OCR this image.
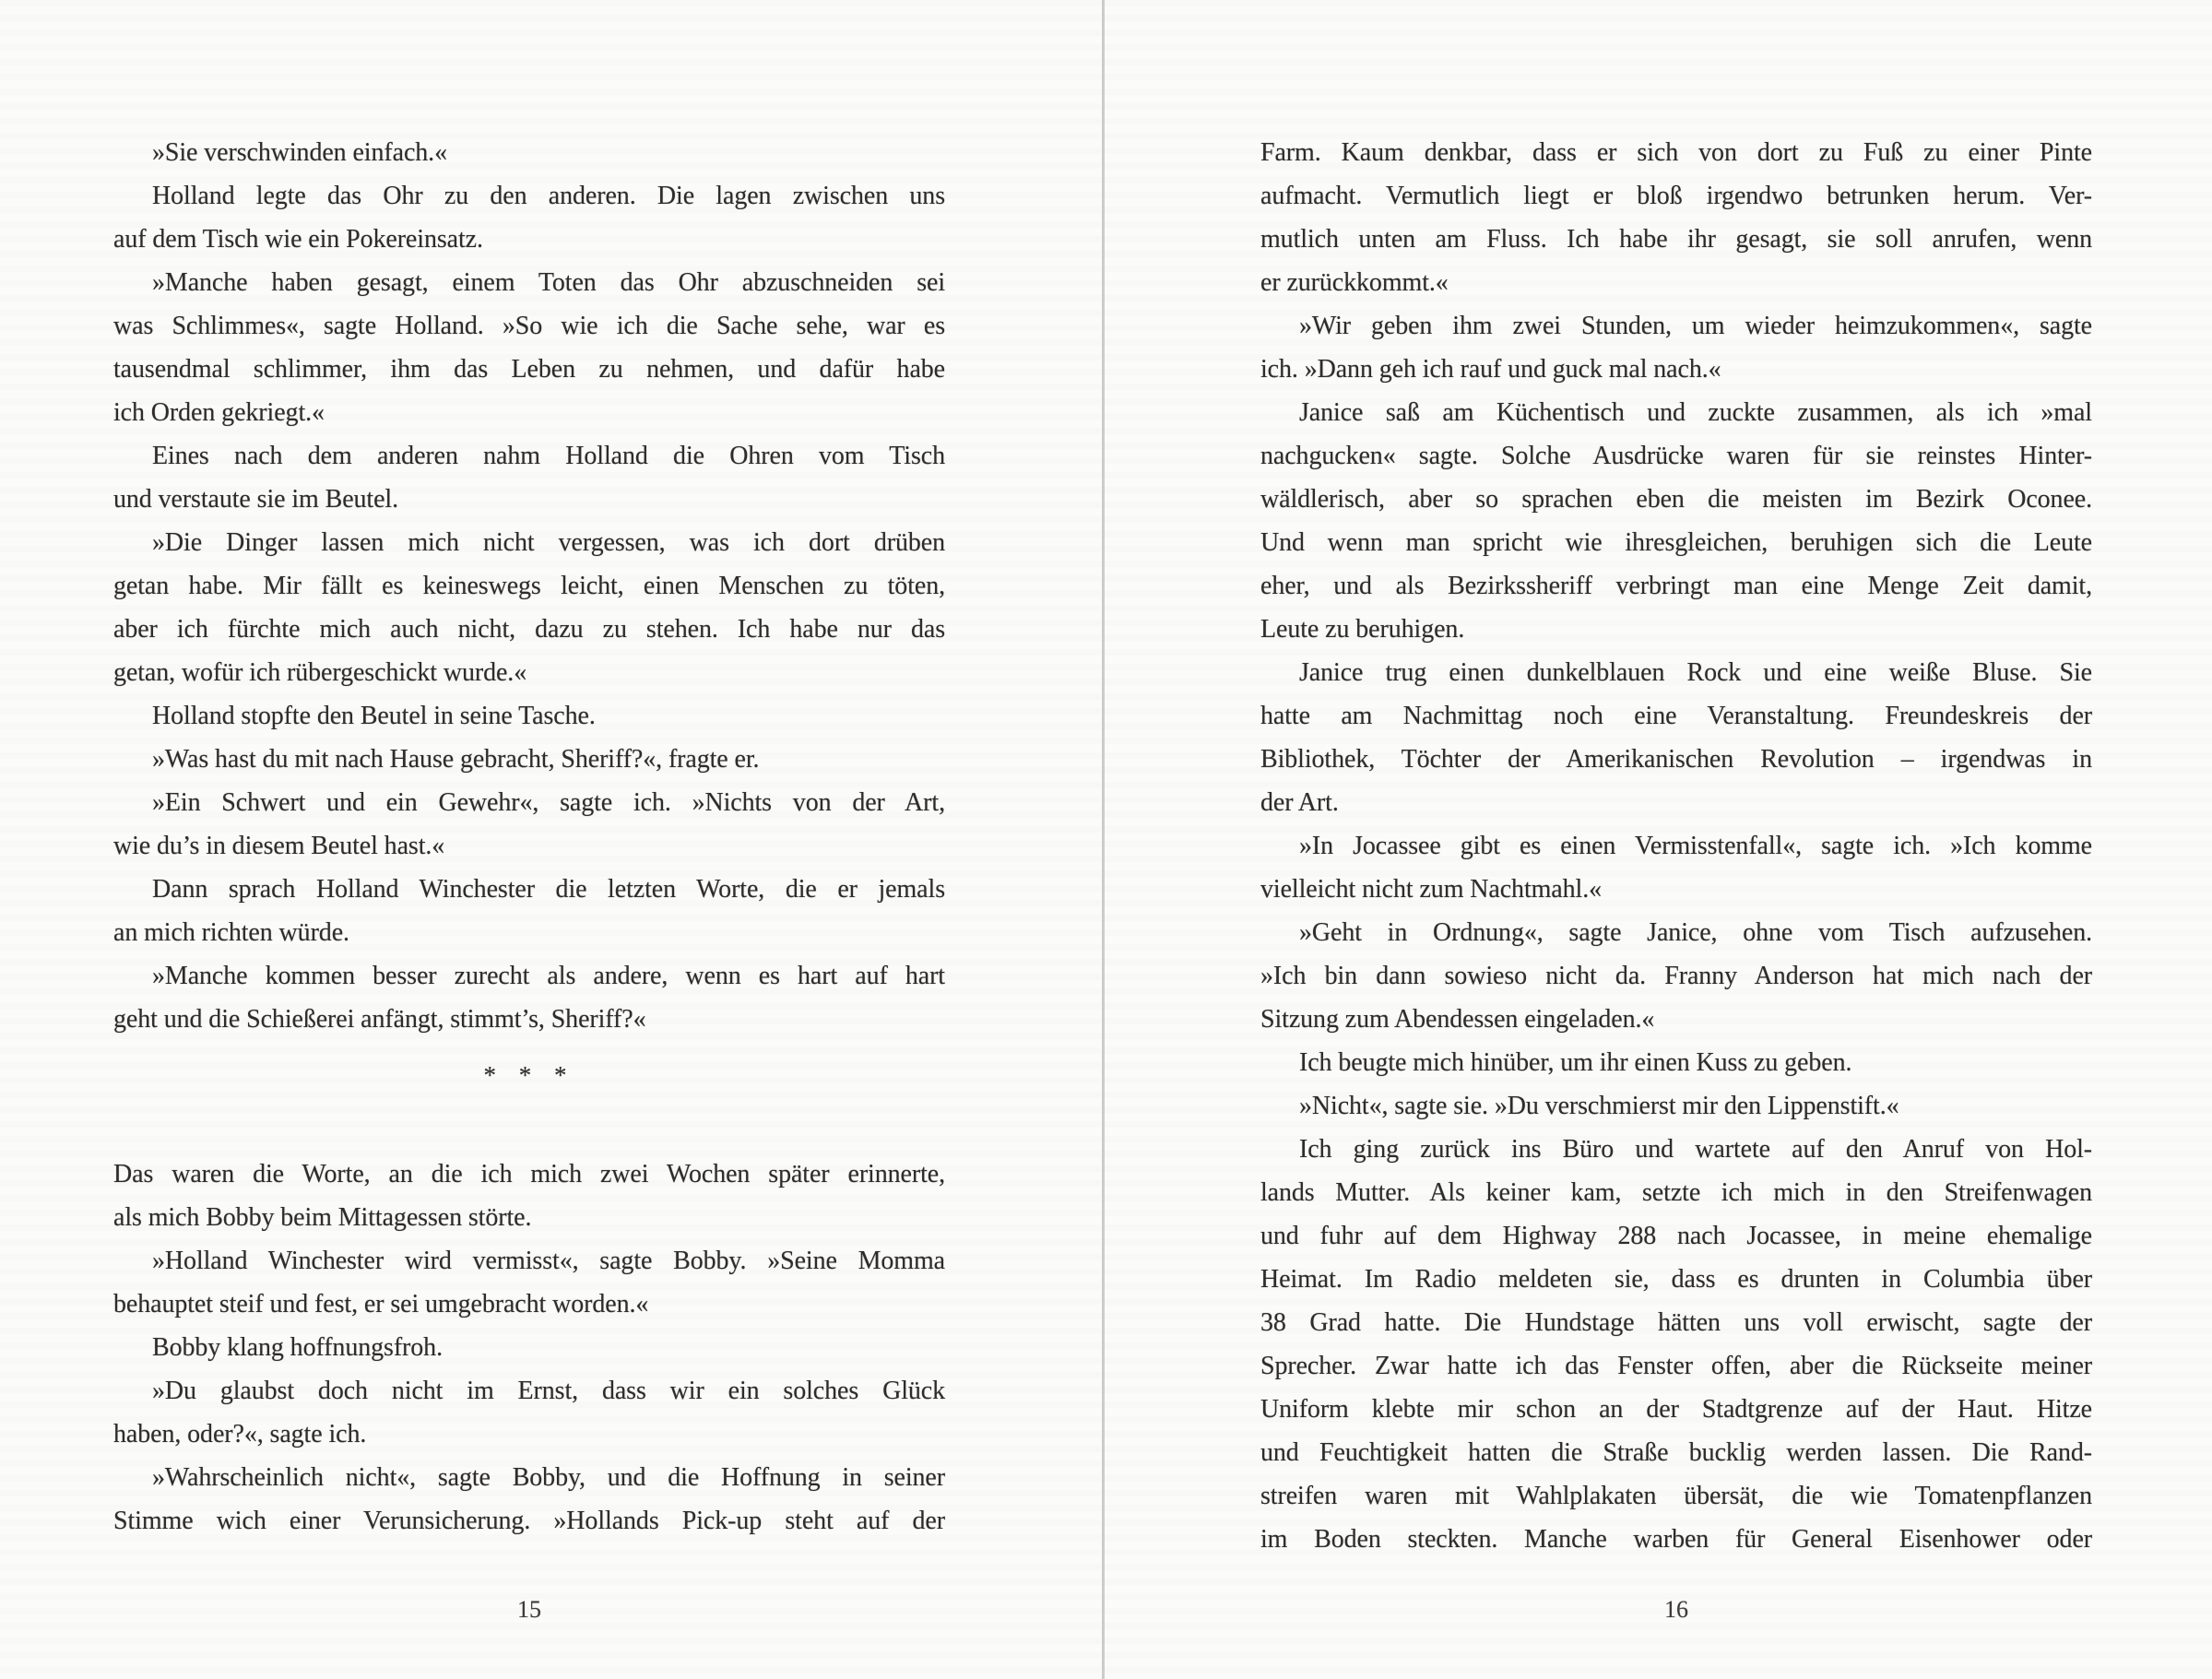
»Sie verschwinden einfach.«
Holland legte das Ohr zu den anderen. Die lagen zwischen uns
auf dem Tisch wie ein Pokereinsatz.
»Manche haben gesagt, einem Toten das Ohr abzuschneiden sei
was Schlimmes«, sagte Holland. »So wie ich die Sache sehe, war es
tausendmal schlimmer, ihm das Leben zu nehmen, und dafür habe
ich Orden gekriegt.«
Eines nach dem anderen nahm Holland die Ohren vom Tisch
und verstaute sie im Beutel.
»Die Dinger lassen mich nicht vergessen, was ich dort drüben
getan habe. Mir fällt es keineswegs leicht, einen Menschen zu töten,
aber ich fürchte mich auch nicht, dazu zu stehen. Ich habe nur das
getan, wofür ich rübergeschickt wurde.«
Holland stopfte den Beutel in seine Tasche.
»Was hast du mit nach Hause gebracht, Sheriff?«, fragte er.
»Ein Schwert und ein Gewehr«, sagte ich. »Nichts von der Art,
wie du’s in diesem Beutel hast.«
Dann sprach Holland Winchester die letzten Worte, die er jemals
an mich richten würde.
»Manche kommen besser zurecht als andere, wenn es hart auf hart
geht und die Schießerei anfängt, stimmt’s, Sheriff?«
* * *
Das waren die Worte, an die ich mich zwei Wochen später erinnerte,
als mich Bobby beim Mittagessen störte.
»Holland Winchester wird vermisst«, sagte Bobby. »Seine Momma
behauptet steif und fest, er sei umgebracht worden.«
Bobby klang hoffnungsfroh.
»Du glaubst doch nicht im Ernst, dass wir ein solches Glück
haben, oder?«, sagte ich.
»Wahrscheinlich nicht«, sagte Bobby, und die Hoffnung in seiner
Stimme wich einer Verunsicherung. »Hollands Pick-up steht auf der
Farm. Kaum denkbar, dass er sich von dort zu Fuß zu einer Pinte
aufmacht. Vermutlich liegt er bloß irgendwo betrunken herum. Ver-
mutlich unten am Fluss. Ich habe ihr gesagt, sie soll anrufen, wenn
er zurückkommt.«
»Wir geben ihm zwei Stunden, um wieder heimzukommen«, sagte
ich. »Dann geh ich rauf und guck mal nach.«
Janice saß am Küchentisch und zuckte zusammen, als ich »mal
nachgucken« sagte. Solche Ausdrücke waren für sie reinstes Hinter-
wäldlerisch, aber so sprachen eben die meisten im Bezirk Oconee.
Und wenn man spricht wie ihresgleichen, beruhigen sich die Leute
eher, und als Bezirkssheriff verbringt man eine Menge Zeit damit,
Leute zu beruhigen.
Janice trug einen dunkelblauen Rock und eine weiße Bluse. Sie
hatte am Nachmittag noch eine Veranstaltung. Freundeskreis der
Bibliothek, Töchter der Amerikanischen Revolution – irgendwas in
der Art.
»In Jocassee gibt es einen Vermisstenfall«, sagte ich. »Ich komme
vielleicht nicht zum Nachtmahl.«
»Geht in Ordnung«, sagte Janice, ohne vom Tisch aufzusehen.
»Ich bin dann sowieso nicht da. Franny Anderson hat mich nach der
Sitzung zum Abendessen eingeladen.«
Ich beugte mich hinüber, um ihr einen Kuss zu geben.
»Nicht«, sagte sie. »Du verschmierst mir den Lippenstift.«
Ich ging zurück ins Büro und wartete auf den Anruf von Hol-
lands Mutter. Als keiner kam, setzte ich mich in den Streifenwagen
und fuhr auf dem Highway 288 nach Jocassee, in meine ehemalige
Heimat. Im Radio meldeten sie, dass es drunten in Columbia über
38 Grad hatte. Die Hundstage hätten uns voll erwischt, sagte der
Sprecher. Zwar hatte ich das Fenster offen, aber die Rückseite meiner
Uniform klebte mir schon an der Stadtgrenze auf der Haut. Hitze
und Feuchtigkeit hatten die Straße bucklig werden lassen. Die Rand-
streifen waren mit Wahlplakaten übersät, die wie Tomatenpflanzen
im Boden steckten. Manche warben für General Eisenhower oder
15	16
